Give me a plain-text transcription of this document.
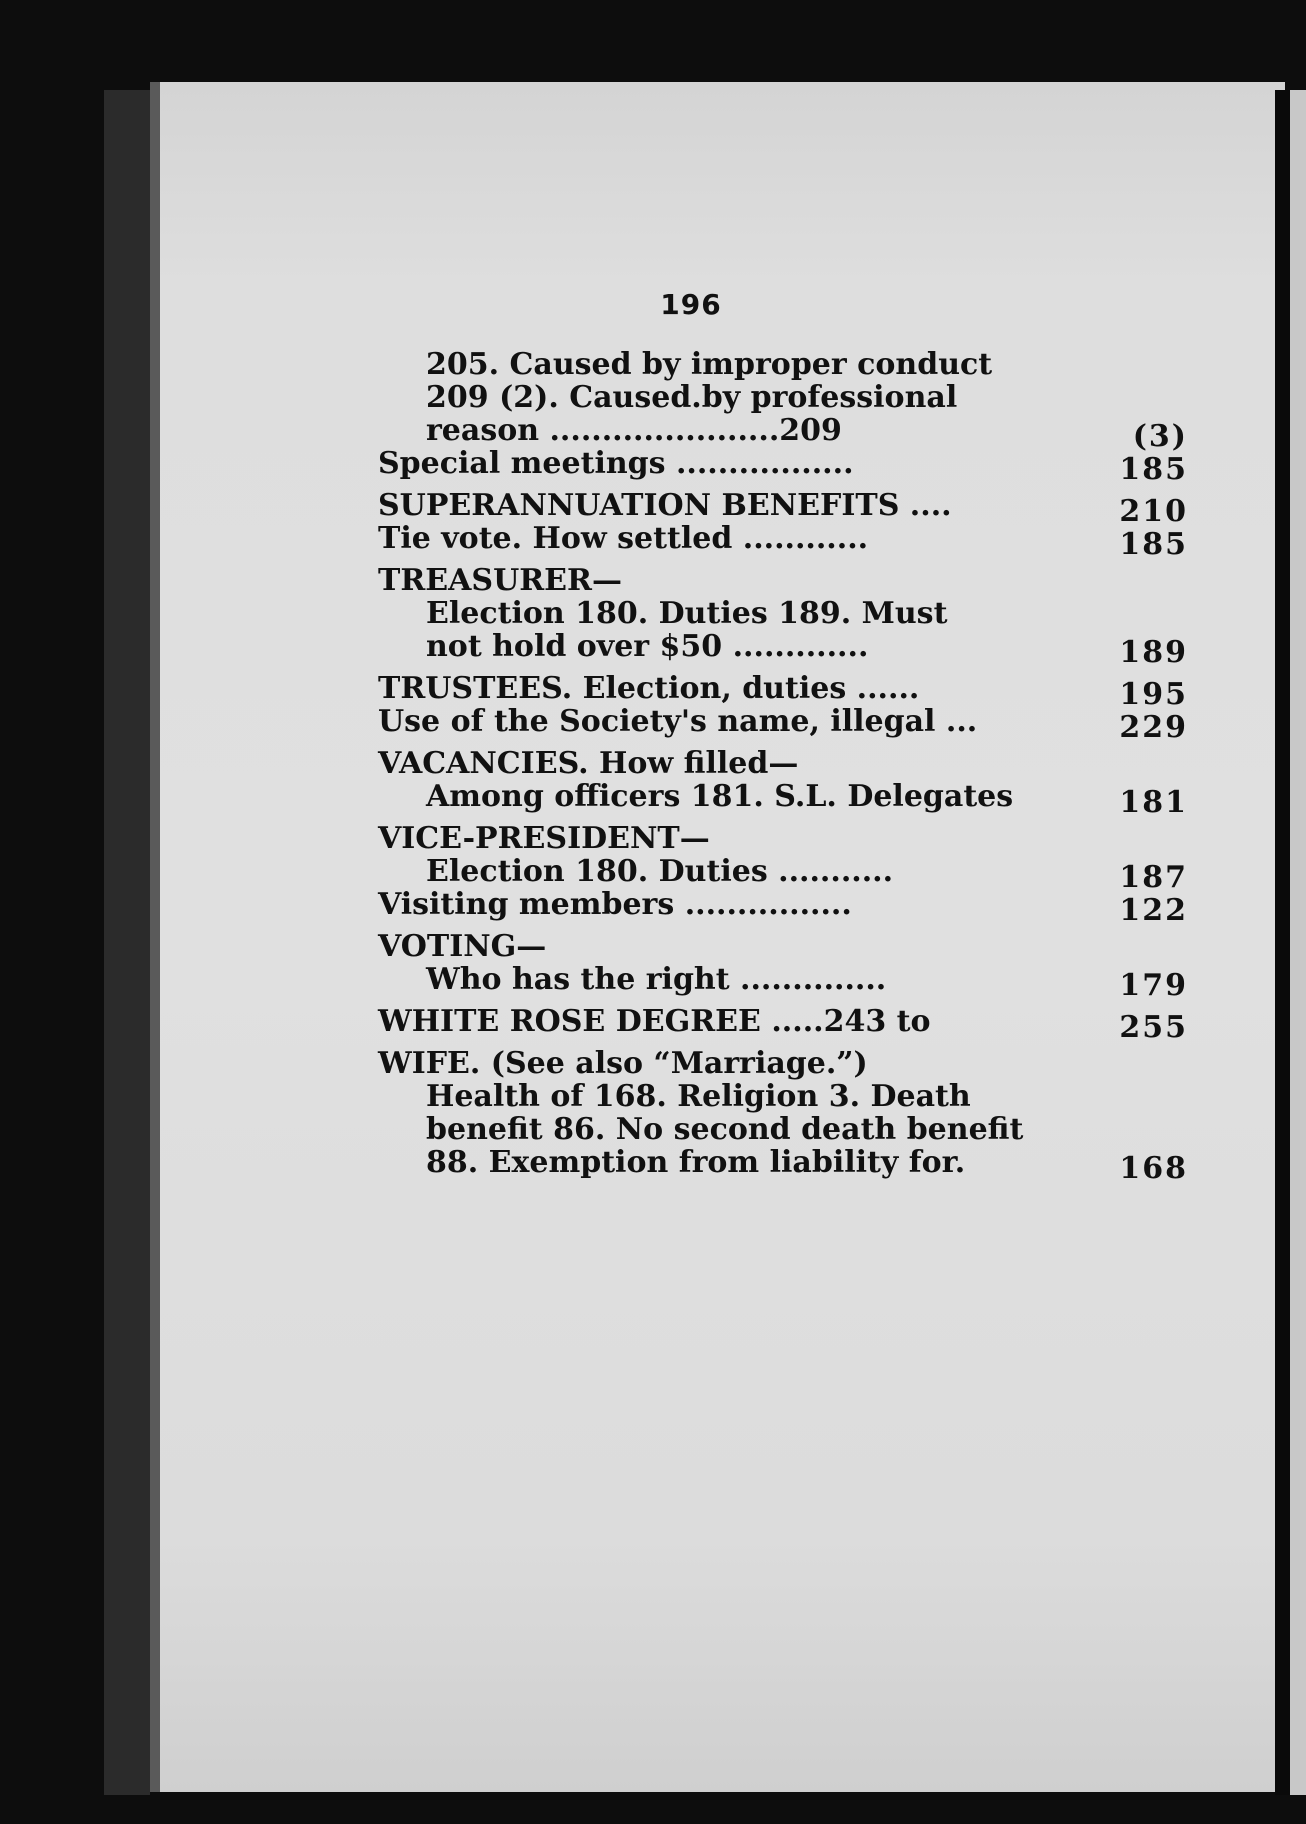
196
205. Caused by improper conduct
209 (2). Caused.by professional
reason ......................209	(3)
Special meetings .................	185
SUPERANNUATION BENEFITS ....	210
Tie vote. How settled ............	185
TREASURER—
Election 180. Duties 189. Must
not hold over $50 .............	189
TRUSTEES. Election, duties ......	195
Use of the Society's name, illegal ...	229
VACANCIES. How filled—
Among officers 181. S.L. Delegates	181
VICE-PRESIDENT—
Election 180. Duties ...........	187
Visiting members ................	122
VOTING—
Who has the right ..............	179
WHITE ROSE DEGREE .....243 to	255
WIFE. (See also “Marriage.”)
Health of 168. Religion 3. Death
benefit 86. No second death benefit
88. Exemption from liability for.	168
